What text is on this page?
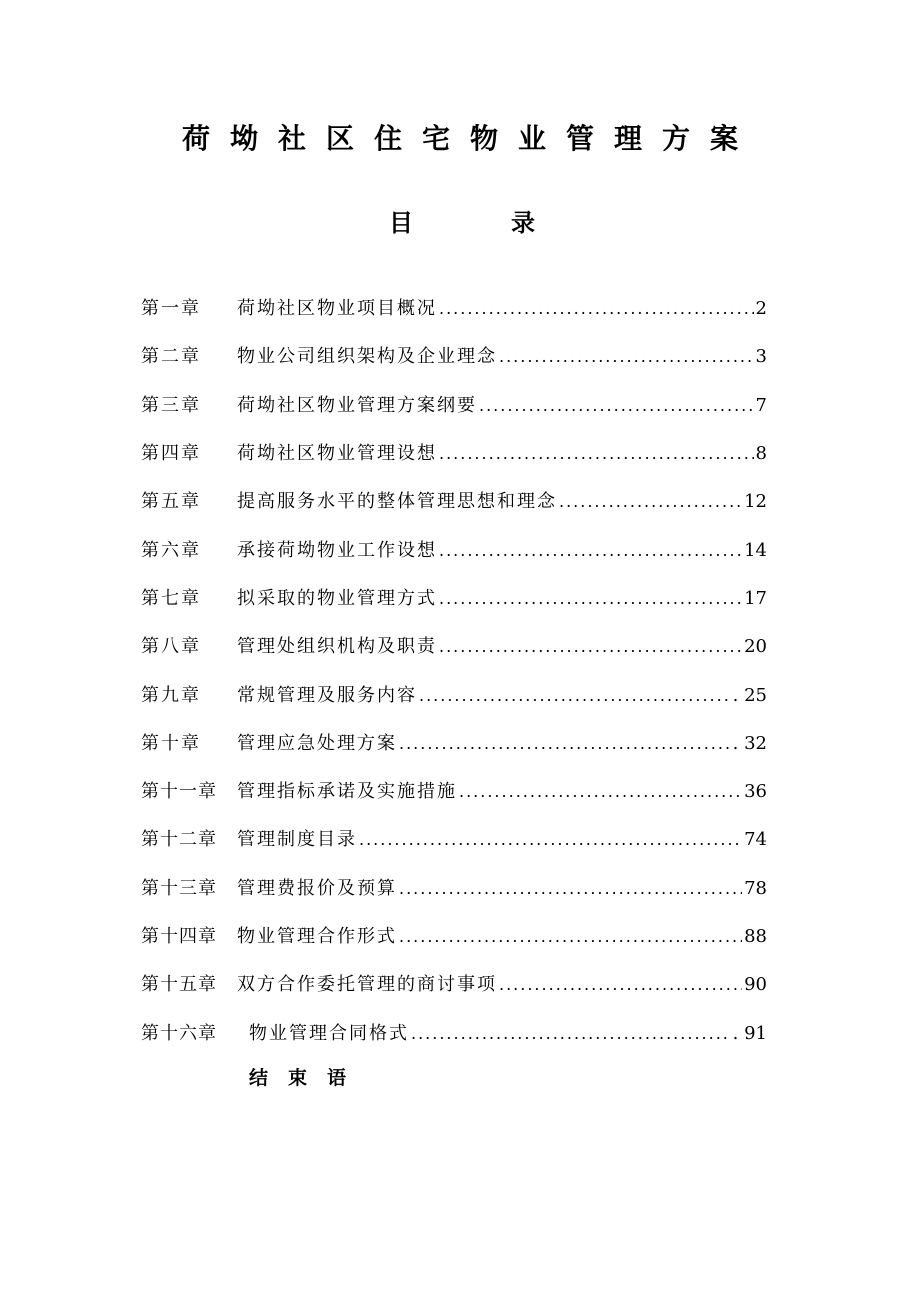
荷坳社区住宅物业管理方案
目	录
第一章	荷坳社区物业项目概况 .....	2
第二章	物业公司组织架构及企业理念 .....	3
第三章	荷坳社区物业管理方案纲要 .....	7
第四章	荷坳社区物业管理设想 .....	8
第五章	提高服务水平的整体管理思想和理念 .....	12
第六章	承接荷坳物业工作设想 .....	14
第七章	拟采取的物业管理方式 .....	17
第八章	管理处组织机构及职责 .....	20
第九章	常规管理及服务内容 .....	. 25
第十章	管理应急处理方案 .....	. 32
第十一章	管理指标承诺及实施措施 .....	36
第十二章	管理制度目录 .....	74
第十三章	管理费报价及预算 .....	78
第十四章	物业管理合作形式 .....	88
第十五章	双方合作委托管理的商讨事项 .....	90
第十六章	物业管理合同格式 .....	. 91

结束语
